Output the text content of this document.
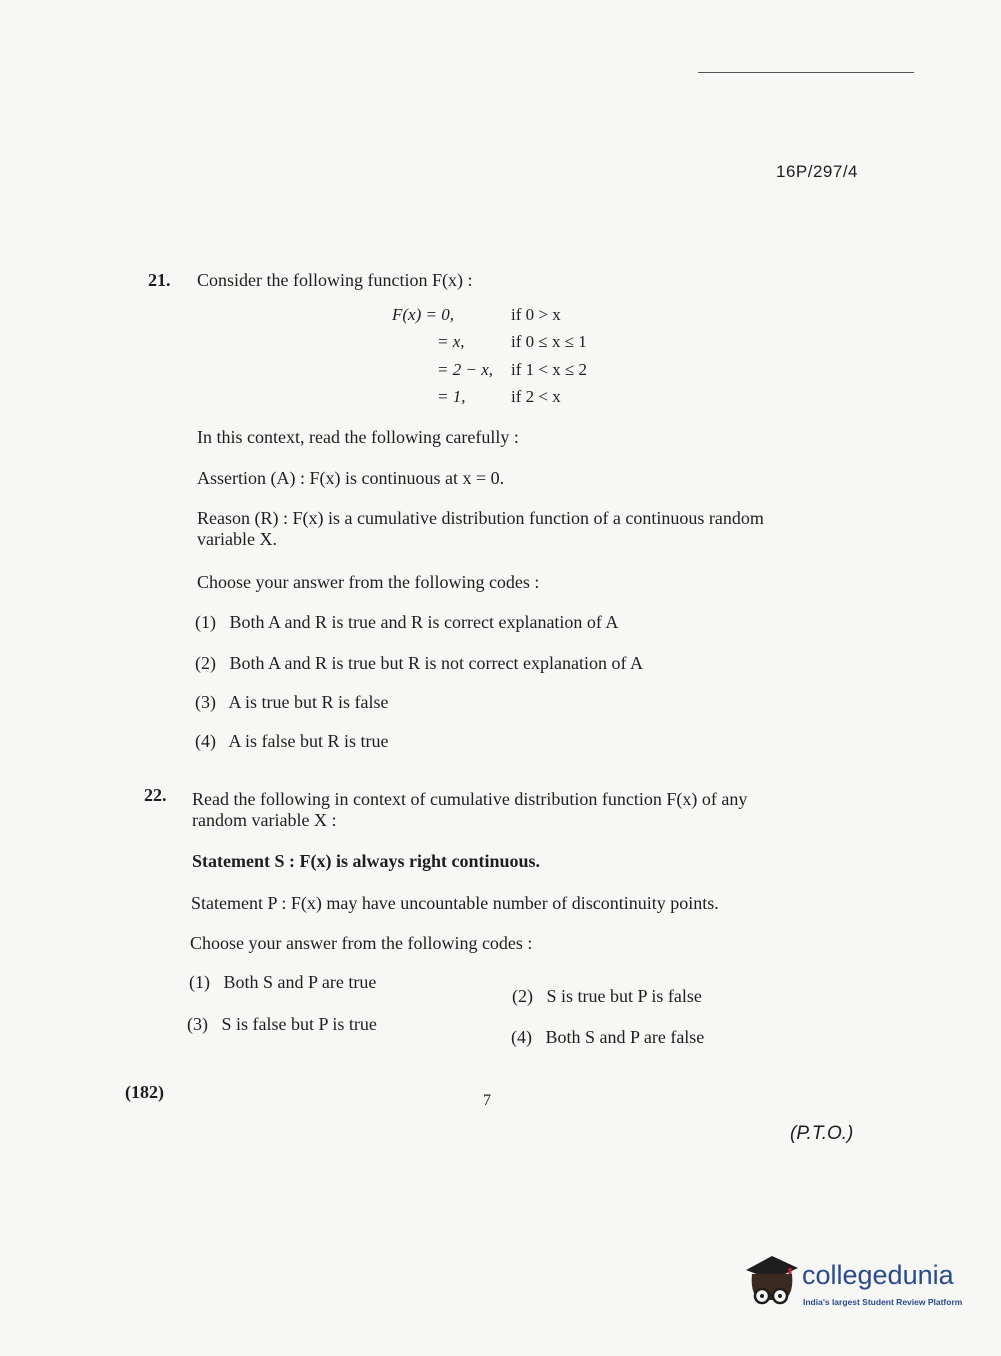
16P/297/4
21. Consider the following function F(x) :
F(x) = 0,	if 0 > x
= x,	if 0 ≤ x ≤ 1
= 2 − x, if 1 < x ≤ 2
= 1,	if 2 < x
In this context, read the following carefully :
Assertion (A) : F(x) is continuous at x = 0.
Reason (R) : F(x) is a cumulative distribution function of a continuous random
variable X.
Choose your answer from the following codes :
(1) Both A and R is true and R is correct explanation of A
(2) Both A and R is true but R is not correct explanation of A
(3) A is true but R is false
(4) A is false but R is true
22. Read the following in context of cumulative distribution function F(x) of any
random variable X :
Statement S : F(x) is always right continuous.
Statement P : F(x) may have uncountable number of discontinuity points.
Choose your answer from the following codes :
(1) Both S and P are true
(2) S is true but P is false
(3) S is false but P is true
(4) Both S and P are false
(182)	7
(P.T.O.)
collegedunia
India's largest Student Review Platform
